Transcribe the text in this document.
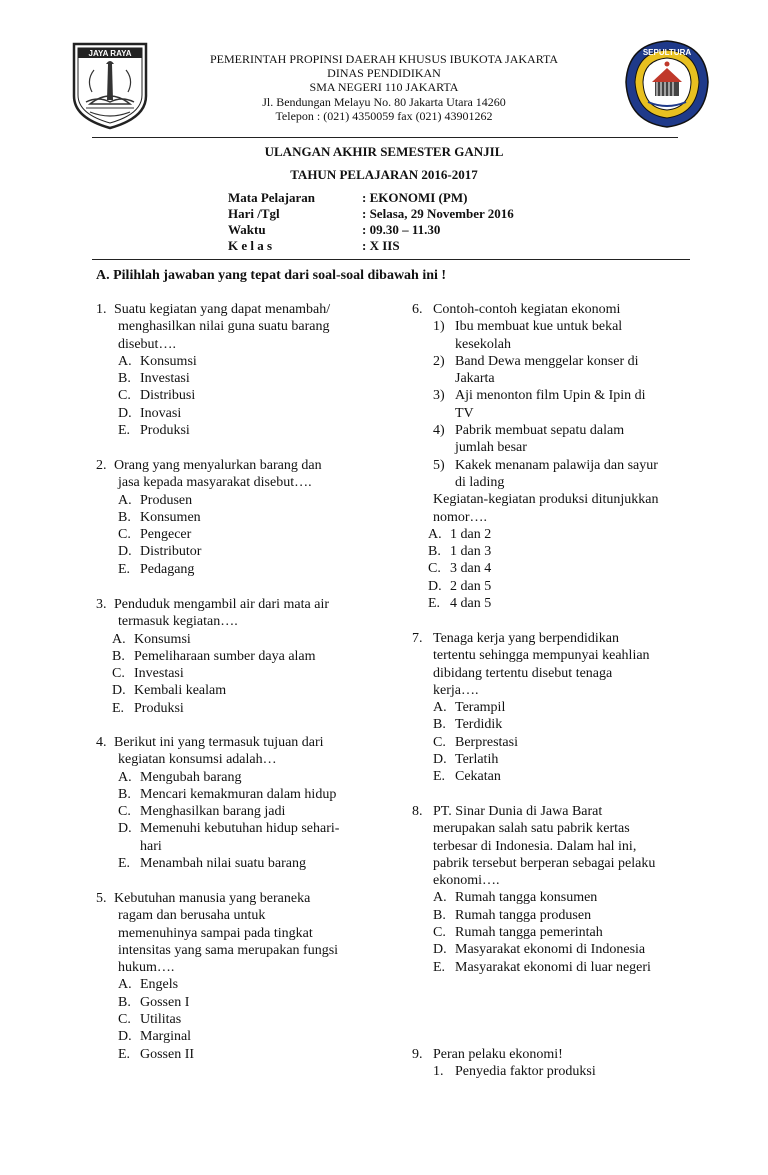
JAYA RAYA	SEPULTURA
PEMERINTAH PROPINSI DAERAH KHUSUS IBUKOTA JAKARTA
DINAS PENDIDIKAN
SMA NEGERI 110 JAKARTA
Jl. Bendungan Melayu No. 80 Jakarta Utara 14260
Telepon : (021) 4350059 fax (021) 43901262
ULANGAN AKHIR SEMESTER GANJIL
TAHUN PELAJARAN 2016-2017
Mata Pelajaran
Hari /Tgl
Waktu
K e l a s
: EKONOMI (PM)
: Selasa, 29 November 2016
: 09.30 – 11.30
: X IIS
A. Pilihlah jawaban yang tepat dari soal-soal dibawah ini !
1. Suatu kegiatan yang dapat menambah/
menghasilkan nilai guna suatu barang
disebut….
A. Konsumsi
B. Investasi
C. Distribusi
D. Inovasi
E. Produksi
2. Orang yang menyalurkan barang dan
jasa kepada masyarakat disebut….
A. Produsen
B. Konsumen
C. Pengecer
D. Distributor
E. Pedagang
3. Penduduk mengambil air dari mata air
termasuk kegiatan….
A. Konsumsi
B. Pemeliharaan sumber daya alam
C. Investasi
D. Kembali kealam
E. Produksi
4. Berikut ini yang termasuk tujuan dari
kegiatan konsumsi adalah…
A. Mengubah barang
B. Mencari kemakmuran dalam hidup
C. Menghasilkan barang jadi
D. Memenuhi kebutuhan hidup sehari-
hari
E. Menambah nilai suatu barang
5. Kebutuhan manusia yang beraneka
ragam dan berusaha untuk
memenuhinya sampai pada tingkat
intensitas yang sama merupakan fungsi
hukum….
A. Engels
B. Gossen I
C. Utilitas
D. Marginal
E. Gossen II
6. Contoh-contoh kegiatan ekonomi
1) Ibu membuat kue untuk bekal
kesekolah
2) Band Dewa menggelar konser di
Jakarta
3) Aji menonton film Upin & Ipin di
TV
4) Pabrik membuat sepatu dalam
jumlah besar
5) Kakek menanam palawija dan sayur
di lading
Kegiatan-kegiatan produksi ditunjukkan
nomor….
A. 1 dan 2
B. 1 dan 3
C. 3 dan 4
D. 2 dan 5
E. 4 dan 5
7. Tenaga kerja yang berpendidikan
tertentu sehingga mempunyai keahlian
dibidang tertentu disebut tenaga
kerja….
A. Terampil
B. Terdidik
C. Berprestasi
D. Terlatih
E. Cekatan
8. PT. Sinar Dunia di Jawa Barat
merupakan salah satu pabrik kertas
terbesar di Indonesia. Dalam hal ini,
pabrik tersebut berperan sebagai pelaku
ekonomi….
A. Rumah tangga konsumen
B. Rumah tangga produsen
C. Rumah tangga pemerintah
D. Masyarakat ekonomi di Indonesia
E. Masyarakat ekonomi di luar negeri
9. Peran pelaku ekonomi!
1. Penyedia faktor produksi
